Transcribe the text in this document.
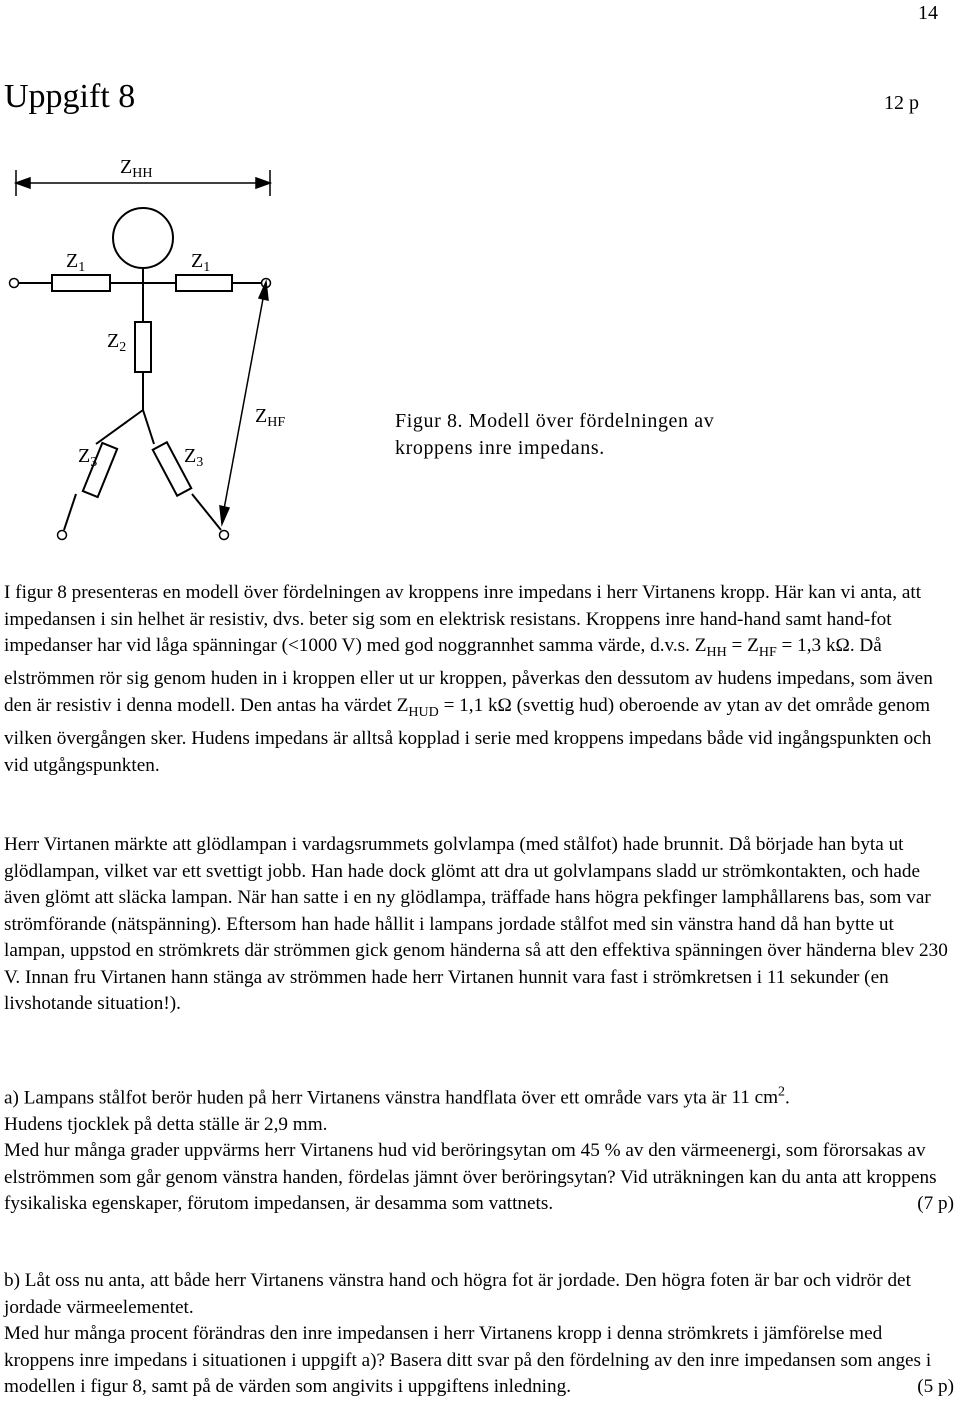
14
Uppgift 8	12 p
$Z_{HH}$
$Z_1$	$Z_1$
$Z_2$
$Z_3$	$Z_3$
$Z_{HF}$	Figur 8. Modell över fördelningen av
kroppens inre impedans.

I figur 8 presenteras en modell över fördelningen av kroppens inre impedans i herr Virtanens kropp. Här kan vi anta, att impedansen i sin helhet är resistiv, dvs. beter sig som en elektrisk resistans. Kroppens inre hand-hand samt hand-fot impedanser har vid låga spänningar (<1000 V) med god noggrannhet samma värde, d.v.s. $Z_{HH} = Z_{HF} = 1,3$ kΩ. Då elströmmen rör sig genom huden in i kroppen eller ut ur kroppen, påverkas den dessutom av hudens impedans, som även den är resistiv i denna modell. Den antas ha värdet $Z_{HUD} = 1,1$ kΩ (svettig hud) oberoende av ytan av det område genom vilken övergången sker. Hudens impedans är alltså kopplad i serie med kroppens impedans både vid ingångspunkten och vid utgångspunkten.

Herr Virtanen märkte att glödlampan i vardagsrummets golvlampa (med stålfot) hade brunnit. Då började han byta ut glödlampan, vilket var ett svettigt jobb. Han hade dock glömt att dra ut golvlampans sladd ur strömkontakten, och hade även glömt att släcka lampan. När han satte i en ny glödlampa, träffade hans högra pekfinger lamphållarens bas, som var strömförande (nätspänning). Eftersom han hade hållit i lampans jordade stålfot med sin vänstra hand då han bytte ut lampan, uppstod en strömkrets där strömmen gick genom händerna så att den effektiva spänningen över händerna blev 230 V. Innan fru Virtanen hann stänga av strömmen hade herr Virtanen hunnit vara fast i strömkretsen i 11 sekunder (en livshotande situation!).

a) Lampans stålfot berör huden på herr Virtanens vänstra handflata över ett område vars yta är 11 $cm^2$.

Hudens tjocklek på detta ställe är 2,9 mm.

Med hur många grader uppvärms herr Virtanens hud vid beröringsytan om 45 % av den värmeenergi, som förorsakas av elströmmen som går genom vänstra handen, fördelas jämnt över beröringsytan? Vid uträkningen kan du anta att kroppens fysikaliska egenskaper, förutom impedansen, är desamma som vattnets.	(7 p)

b) Låt oss nu anta, att både herr Virtanens vänstra hand och högra fot är jordade. Den högra foten är bar och vidrör det jordade värmeelementet.

Med hur många procent förändras den inre impedansen i herr Virtanens kropp i denna strömkrets i jämförelse med kroppens inre impedans i situationen i uppgift a)? Basera ditt svar på den fördelning av den inre impedansen som anges i modellen i figur 8, samt på de värden som angivits i uppgiftens inledning.	(5 p)
